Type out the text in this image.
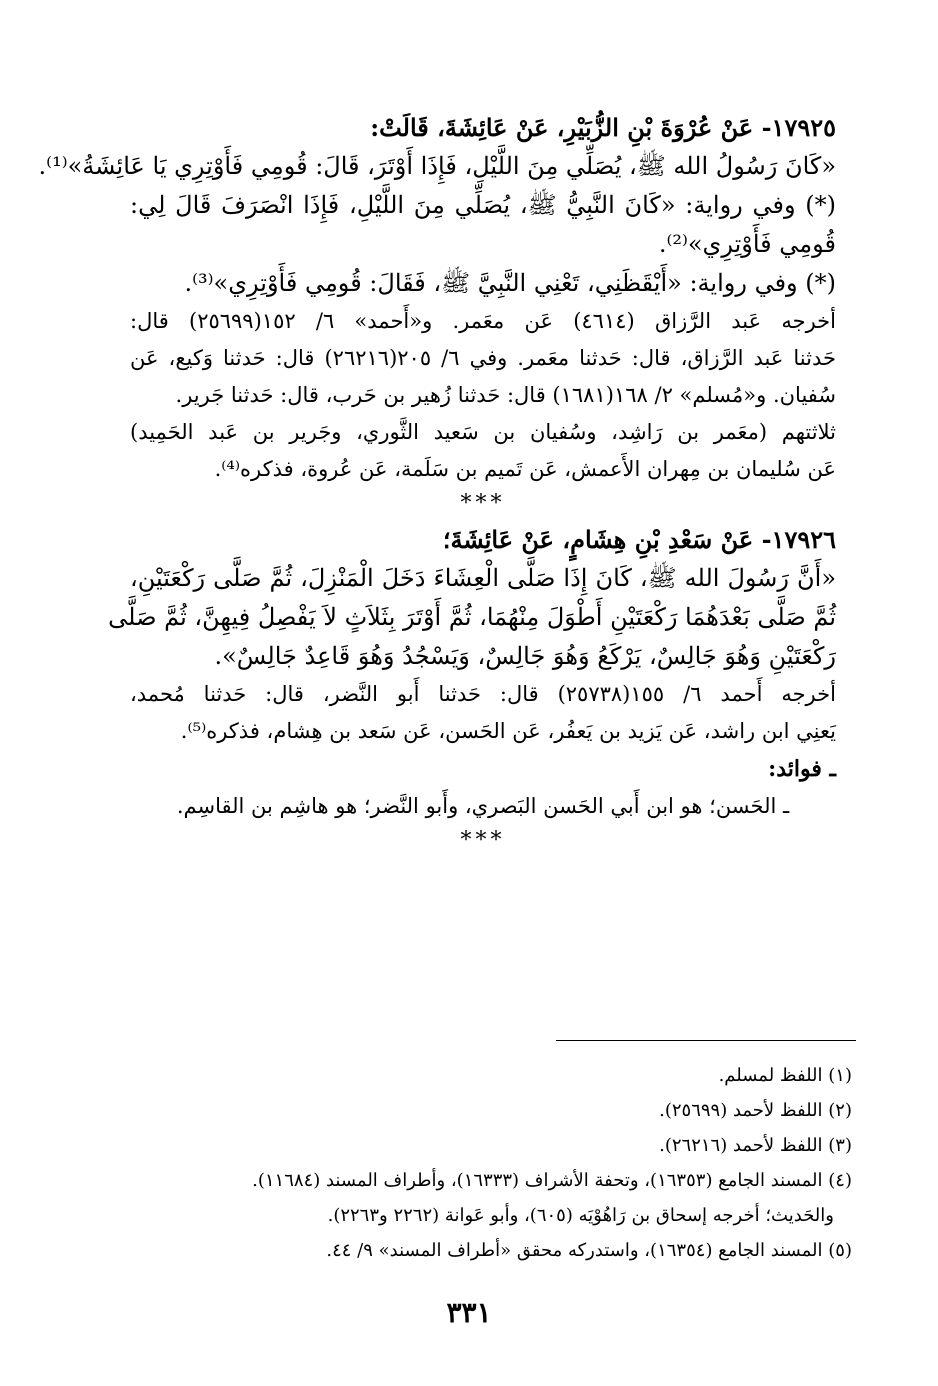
١٧٩٢٥- عَنْ عُرْوَةَ بْنِ الزُّبَيْرِ، عَنْ عَائِشَةَ، قَالَتْ:
«كَانَ رَسُولُ الله ﷺ، يُصَلِّي مِنَ اللَّيْلِ، فَإِذَا أَوْتَرَ، قَالَ: قُومِي فَأَوْتِرِي يَا عَائِشَةُ»⁽¹⁾.
(*) وفي رواية: «كَانَ النَّبِيُّ ﷺ، يُصَلِّي مِنَ اللَّيْلِ، فَإِذَا انْصَرَفَ قَالَ لِي:
قُومِي فَأَوْتِرِي»⁽²⁾.
(*) وفي رواية: «أَيْقَظَنِي، تَعْنِي النَّبِيَّ ﷺ، فَقَالَ: قُومِي فَأَوْتِرِي»⁽³⁾.
أخرجه عَبد الرَّزاق (٤٦١٤) عَن معَمر. و«أَحمد» ٦/ ١٥٢(٢٥٦٩٩) قال:
حَدثنا عَبد الرَّزاق، قال: حَدثنا معَمر. وفي ٦/ ٢٠٥(٢٦٢١٦) قال: حَدثنا وَكيع، عَن
سُفيان. و«مُسلم» ٢/ ١٦٨(١٦٨١) قال: حَدثنا زُهير بن حَرب، قال: حَدثنا جَرير.
ثلاثتهم (معَمر بن رَاشِد، وسُفيان بن سَعيد الثَّوري، وجَرير بن عَبد الحَمِيد)
عَن سُليمان بن مِهران الأَعمش، عَن تَميم بن سَلَمة، عَن عُروة، فذكره⁽⁴⁾.
***
١٧٩٢٦- عَنْ سَعْدِ بْنِ هِشَامٍ، عَنْ عَائِشَةَ؛
«أَنَّ رَسُولَ الله ﷺ، كَانَ إِذَا صَلَّى الْعِشَاءَ دَخَلَ الْمَنْزِلَ، ثُمَّ صَلَّى رَكْعَتَيْنِ،
ثُمَّ صَلَّى بَعْدَهُمَا رَكْعَتَيْنِ أَطْوَلَ مِنْهُمَا، ثُمَّ أَوْتَرَ بِثَلاَثٍ لاَ يَفْصِلُ فِيهِنَّ، ثُمَّ صَلَّى
رَكْعَتَيْنِ وَهُوَ جَالِسٌ، يَرْكَعُ وَهُوَ جَالِسٌ، وَيَسْجُدُ وَهُوَ قَاعِدٌ جَالِسٌ».
أخرجه أَحمد ٦/ ١٥٥(٢٥٧٣٨) قال: حَدثنا أَبو النَّضر، قال: حَدثنا مُحمد،
يَعنِي ابن راشد، عَن يَزيد بن يَعفُر، عَن الحَسن، عَن سَعد بن هِشام، فذكره⁽⁵⁾.
ـ فوائد:
ـ الحَسن؛ هو ابن أَبي الحَسن البَصري، وأَبو النَّضر؛ هو هاشِم بن القاسِم.
***
(١) اللفظ لمسلم.
(٢) اللفظ لأحمد (٢٥٦٩٩).
(٣) اللفظ لأحمد (٢٦٢١٦).
(٤) المسند الجامع (١٦٣٥٣)، وتحفة الأشراف (١٦٣٣٣)، وأطراف المسند (١١٦٨٤).
والحَديث؛ أخرجه إسحاق بن رَاهُوْيَه (٦٠٥)، وأبو عَوانة (٢٢٦٢ و٢٢٦٣).
(٥) المسند الجامع (١٦٣٥٤)، واستدركه محقق «أطراف المسند» ٩/ ٤٤.
٣٣١
